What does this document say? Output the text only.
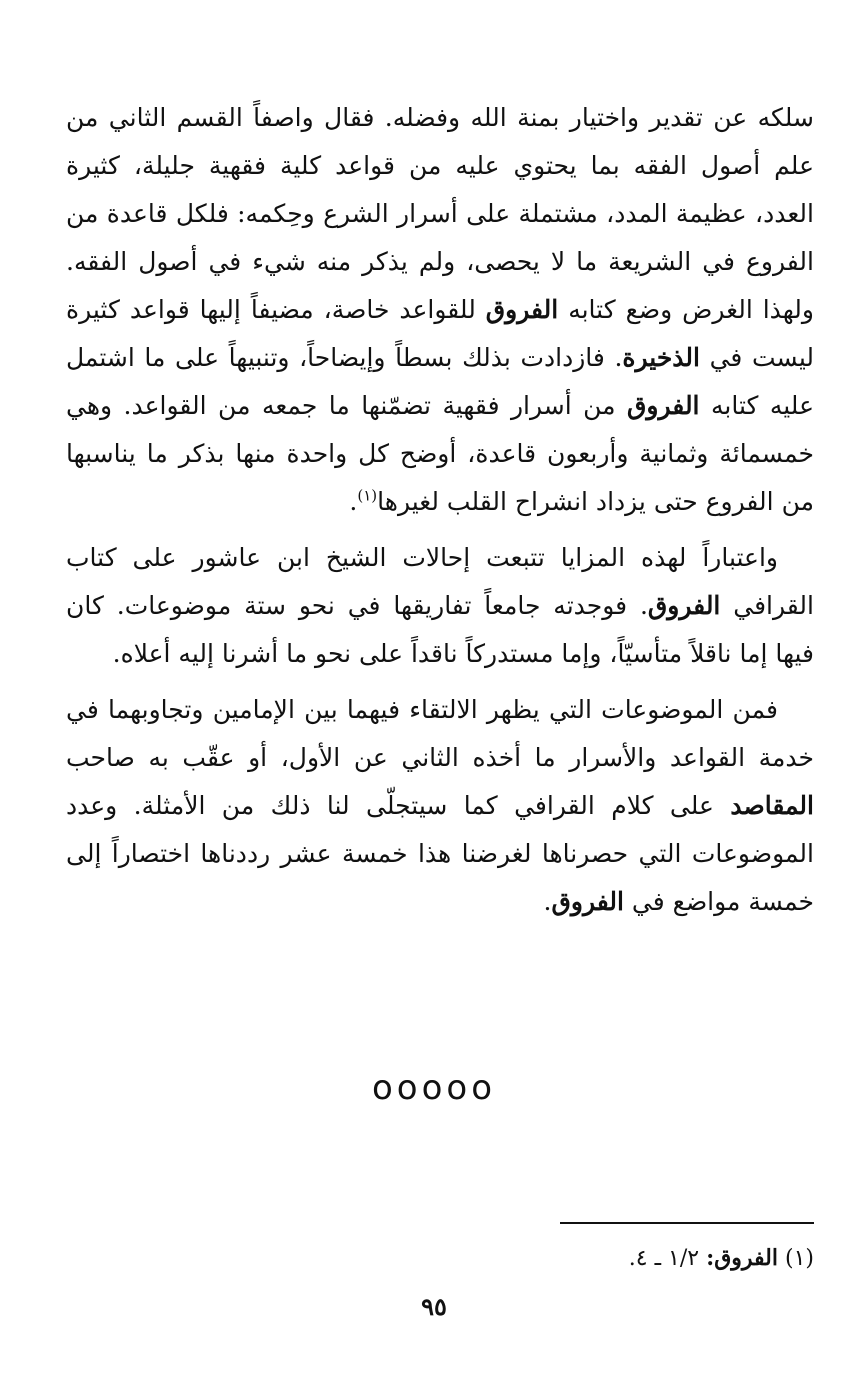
سلكه عن تقدير واختيار بمنة الله وفضله. فقال واصفاً القسم الثاني من علم أصول الفقه بما يحتوي عليه من قواعد كلية فقهية جليلة، كثيرة العدد، عظيمة المدد، مشتملة على أسرار الشرع وحِكمه: فلكل قاعدة من الفروع في الشريعة ما لا يحصى، ولم يذكر منه شيء في أصول الفقه. ولهذا الغرض وضع كتابه الفروق للقواعد خاصة، مضيفاً إليها قواعد كثيرة ليست في الذخيرة. فازدادت بذلك بسطاً وإيضاحاً، وتنبيهاً على ما اشتمل عليه كتابه الفروق من أسرار فقهية تضمّنها ما جمعه من القواعد. وهي خمسمائة وثمانية وأربعون قاعدة، أوضح كل واحدة منها بذكر ما يناسبها من الفروع حتى يزداد انشراح القلب لغيرها$^{(١)}$.

واعتباراً لهذه المزايا تتبعت إحالات الشيخ ابن عاشور على كتاب القرافي الفروق. فوجدته جامعاً تفاريقها في نحو ستة موضوعات. كان فيها إما ناقلاً متأسيّاً، وإما مستدركاً ناقداً على نحو ما أشرنا إليه أعلاه.

فمن الموضوعات التي يظهر الالتقاء فيهما بين الإمامين وتجاوبهما في خدمة القواعد والأسرار ما أخذه الثاني عن الأول، أو عقّب به صاحب المقاصد على كلام القرافي كما سيتجلّى لنا ذلك من الأمثلة. وعدد الموضوعات التي حصرناها لغرضنا هذا خمسة عشر رددناها اختصاراً إلى خمسة مواضع في الفروق.

ooooo
(١) الفروق: ١/٢ ـ ٤.
٩٥
